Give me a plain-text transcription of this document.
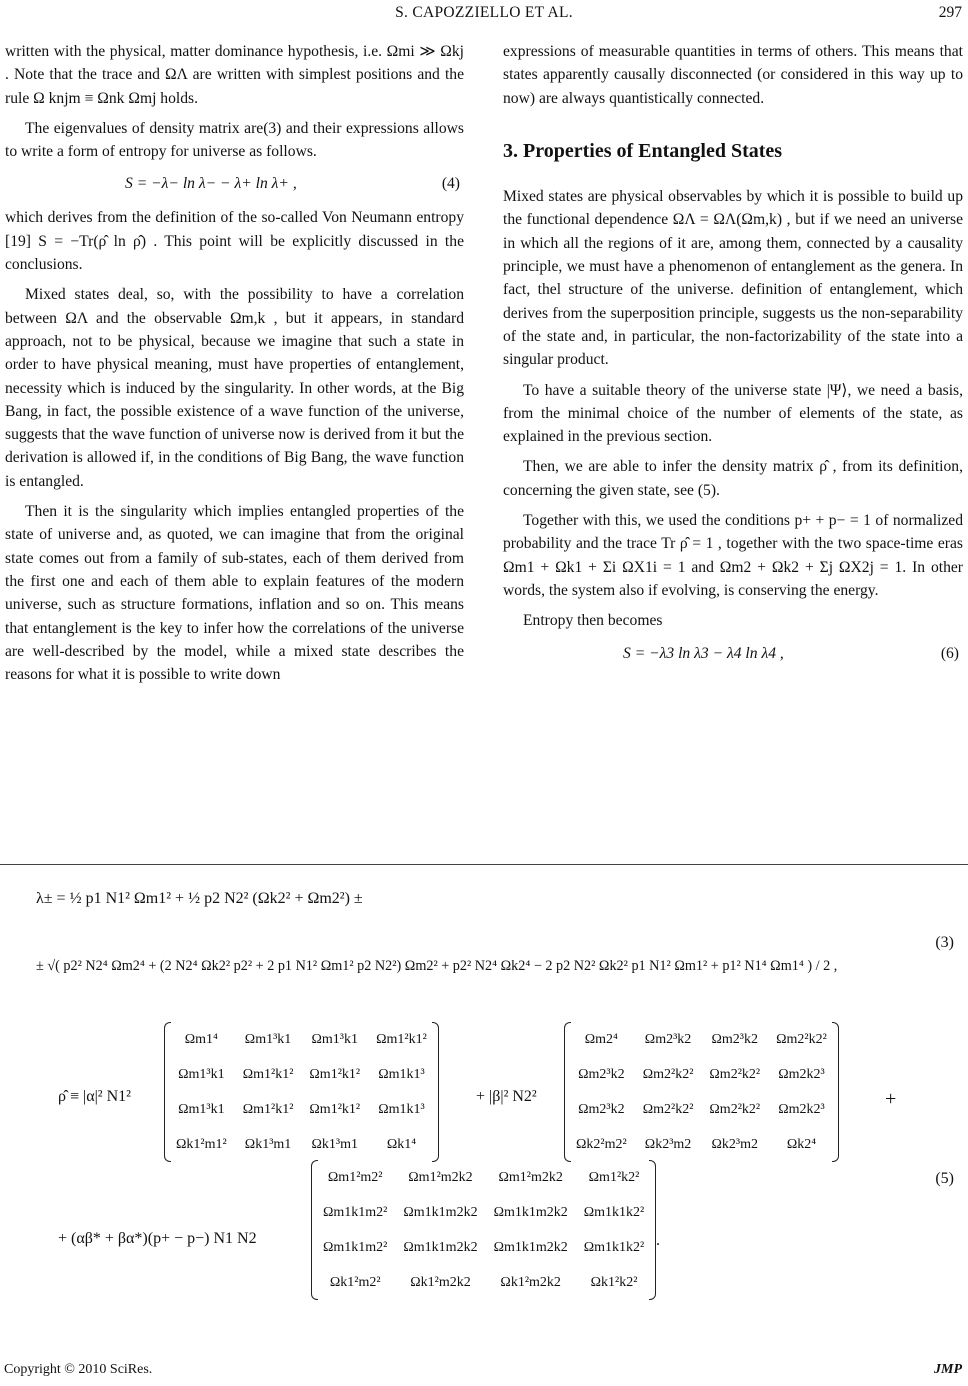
S. CAPOZZIELLO ET AL.	297

written with the physical, matter dominance hypothesis, i.e. Ωmi ≫ Ωkj . Note that the trace and ΩΛ are written with simplest positions and the rule Ω knjm ≡ Ωnk Ωmj holds.

The eigenvalues of density matrix are(3) and their expressions allows to write a form of entropy for universe as follows.

S = −λ− ln λ− − λ+ ln λ+ ,	(4)

which derives from the definition of the so-called Von Neumann entropy [19] S = −Tr(ρ̂ ln ρ̂) . This point will be explicitly discussed in the conclusions.

Mixed states deal, so, with the possibility to have a correlation between ΩΛ and the observable Ωm,k , but it appears, in standard approach, not to be physical, because we imagine that such a state in order to have physical meaning, must have properties of entanglement, necessity which is induced by the singularity. In other words, at the Big Bang, in fact, the possible existence of a wave function of the universe, suggests that the wave function of universe now is derived from it but the derivation is allowed if, in the conditions of Big Bang, the wave function is entangled.

Then it is the singularity which implies entangled properties of the state of universe and, as quoted, we can imagine that from the original state comes out from a family of sub-states, each of them derived from the first one and each of them able to explain features of the modern universe, such as structure formations, inflation and so on. This means that entanglement is the key to infer how the correlations of the universe are well-described by the model, while a mixed state describes the reasons for what it is possible to write down

expressions of measurable quantities in terms of others. This means that states apparently causally disconnected (or considered in this way up to now) are always quantistically connected.

3. Properties of Entangled States

Mixed states are physical observables by which it is possible to build up the functional dependence ΩΛ = ΩΛ(Ωm,k) , but if we need an universe in which all the regions of it are, among them, connected by a causality principle, we must have a phenomenon of entanglement as the genera. In fact, thel structure of the universe. definition of entanglement, which derives from the superposition principle, suggests us the non-separability of the state and, in particular, the non-factorizability of the state into a singular product.

To have a suitable theory of the universe state |Ψ⟩, we need a basis, from the minimal choice of the number of elements of the state, as explained in the previous section.

Then, we are able to infer the density matrix ρ̂ , from its definition, concerning the given state, see (5).

Together with this, we used the conditions p+ + p− = 1 of normalized probability and the trace Tr ρ̂ = 1 , together with the two space-time eras Ωm1 + Ωk1 + Σi ΩX1i = 1 and Ωm2 + Ωk2 + Σj ΩX2j = 1. In other words, the system also if evolving, is conserving the energy.

Entropy then becomes

S = −λ3 ln λ3 − λ4 ln λ4 ,	(6)
λ± = ½ p1 N1² Ωm1² + ½ p2 N2² (Ωk2² + Ωm2²) ±
± √( p2² N2⁴ Ωm2⁴ + (2 N2⁴ Ωk2² p2² + 2 p1 N1² Ωm1² p2 N2²) Ωm2² + p2² N2⁴ Ωk2⁴ − 2 p2 N2² Ωk2² p1 N1² Ωm1² + p1² N1⁴ Ωm1⁴ ) / 2 ,
(3)
ρ̂ ≡ |α|² N1²
Ωm1⁴	Ωm1³k1	Ωm1³k1	Ωm1²k1²
Ωm1³k1	Ωm1²k1²	Ωm1²k1²	Ωm1k1³
Ωm1³k1	Ωm1²k1²	Ωm1²k1²	Ωm1k1³
Ωk1²m1²	Ωk1³m1	Ωk1³m1	Ωk1⁴
+ |β|² N2²
Ωm2⁴	Ωm2³k2	Ωm2³k2	Ωm2²k2²
Ωm2³k2	Ωm2²k2²	Ωm2²k2²	Ωm2k2³
Ωm2³k2	Ωm2²k2²	Ωm2²k2²	Ωm2k2³
Ωk2²m2²	Ωk2³m2	Ωk2³m2	Ωk2⁴
+
+ (αβ* + βα*)(p+ − p−) N1 N2
Ωm1²m2²	Ωm1²m2k2	Ωm1²m2k2	Ωm1²k2²
Ωm1k1m2²	Ωm1k1m2k2	Ωm1k1m2k2	Ωm1k1k2²
Ωm1k1m2²	Ωm1k1m2k2	Ωm1k1m2k2	Ωm1k1k2²
Ωk1²m2²	Ωk1²m2k2	Ωk1²m2k2	Ωk1²k2²
.
(5)
Copyright © 2010 SciRes.	JMP
